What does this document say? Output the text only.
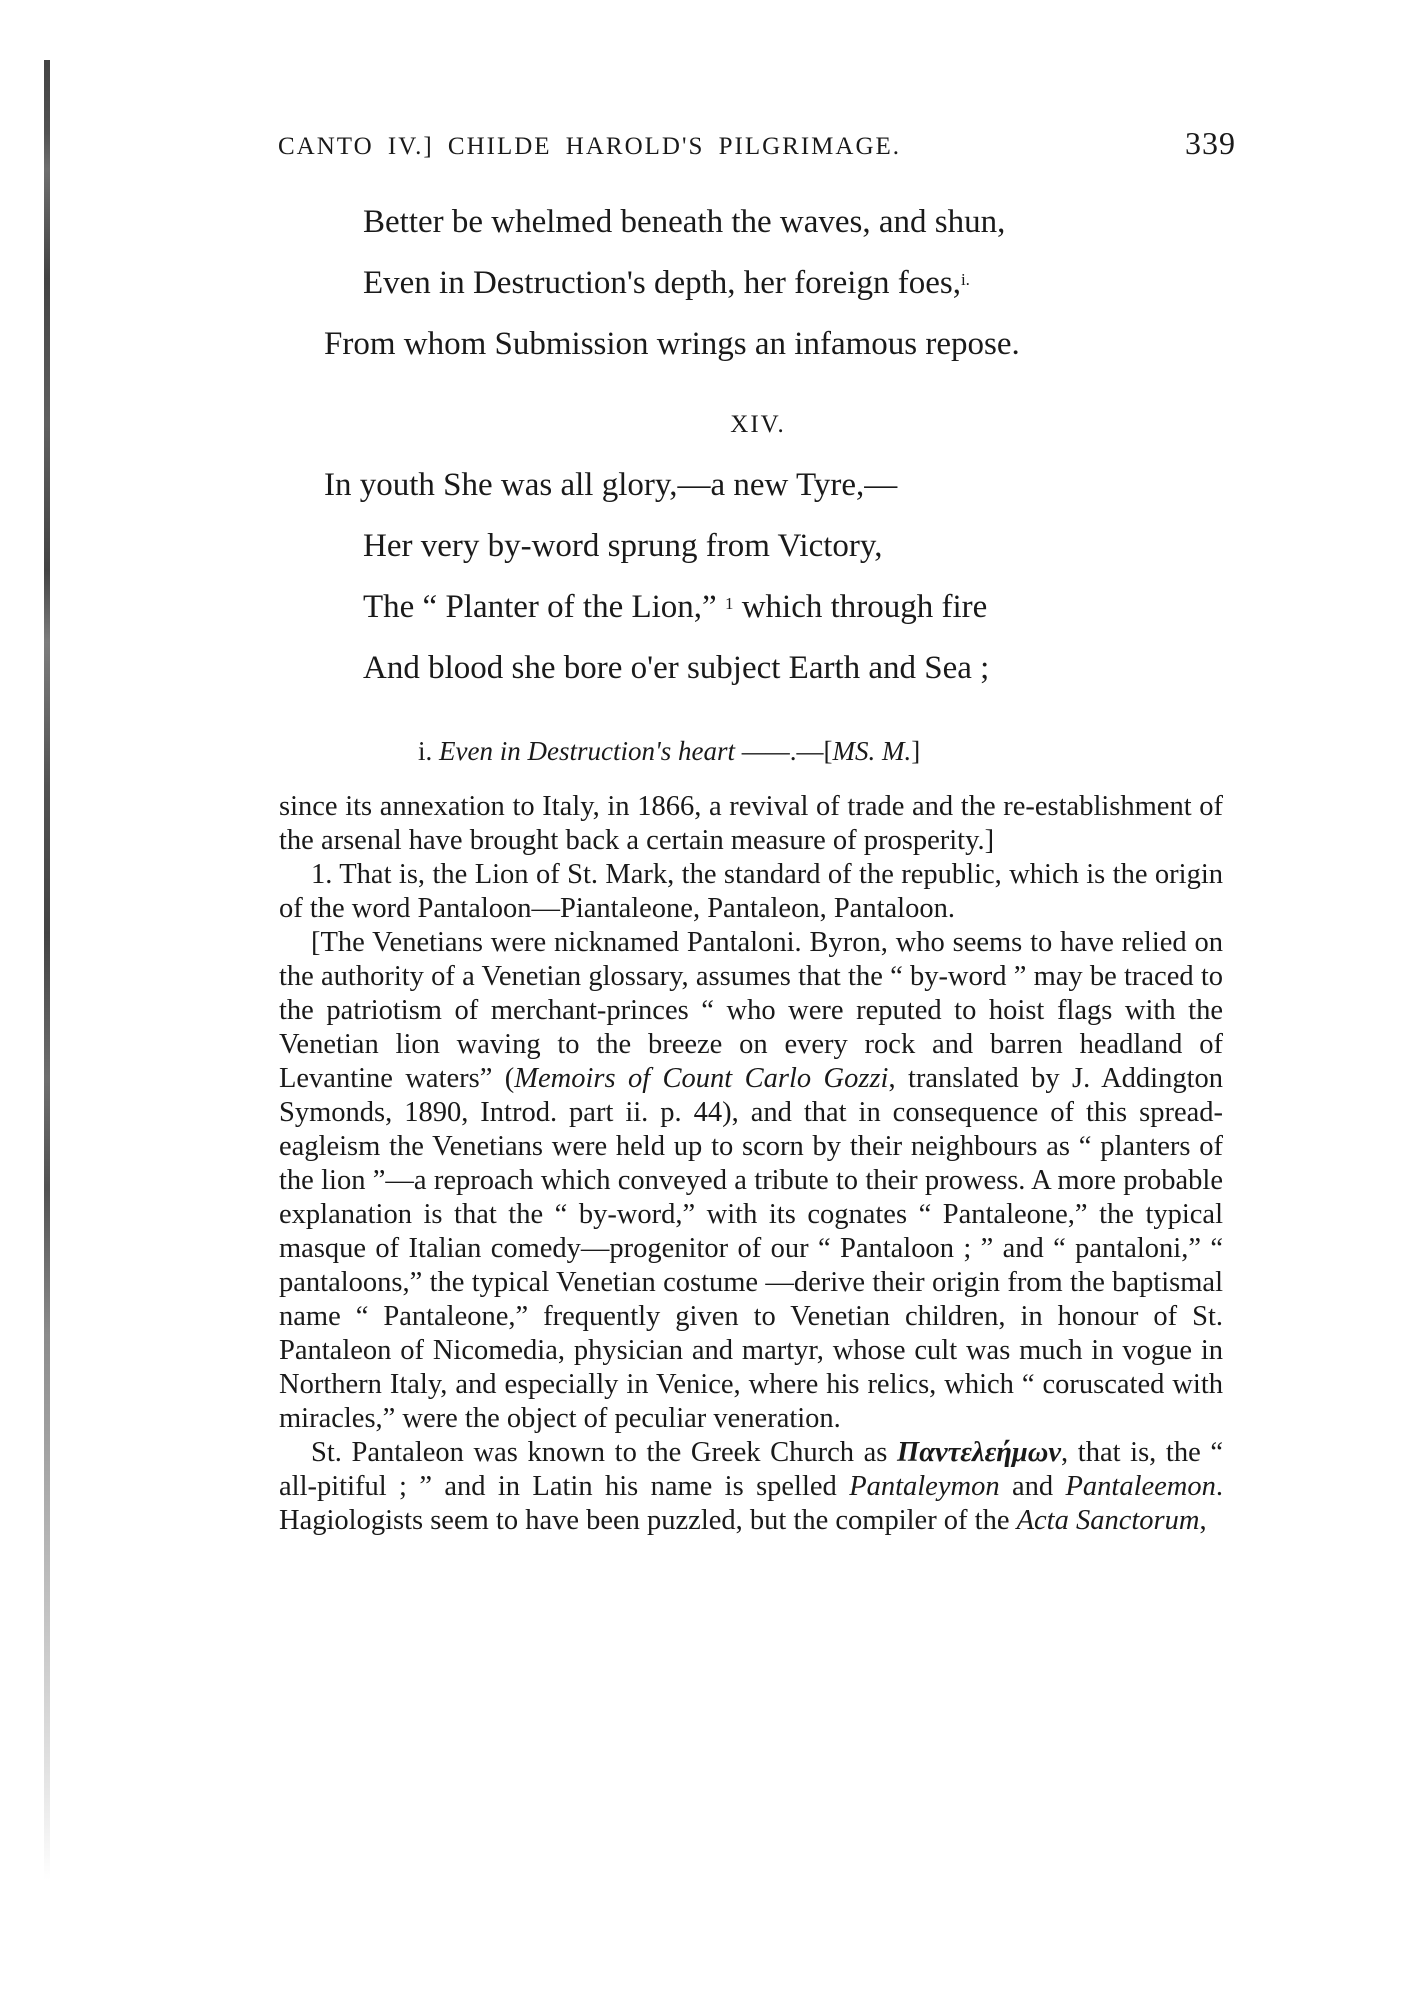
CANTO IV.] CHILDE HAROLD'S PILGRIMAGE.	339
Better be whelmed beneath the waves, and shun,
Even in Destruction's depth, her foreign foes,$^{i.}$
From whom Submission wrings an infamous repose.
XIV.
In youth She was all glory,—a new Tyre,—
Her very by-word sprung from Victory,
The “ Planter of the Lion,” $^1$ which through fire
And blood she bore o'er subject Earth and Sea ;
i. Even in Destruction's heart ——.—[MS. M.]

since its annexation to Italy, in 1866, a revival of trade and the re-establishment of the arsenal have brought back a certain measure of prosperity.]

1. That is, the Lion of St. Mark, the standard of the republic, which is the origin of the word Pantaloon—Piantaleone, Pantaleon, Pantaloon.

[The Venetians were nicknamed Pantaloni. Byron, who seems to have relied on the authority of a Venetian glossary, assumes that the “ by-word ” may be traced to the patriotism of merchant-princes “ who were reputed to hoist flags with the Venetian lion waving to the breeze on every rock and barren headland of Levantine waters” (Memoirs of Count Carlo Gozzi, translated by J. Addington Symonds, 1890, Introd. part ii. p. 44), and that in consequence of this spread-eagleism the Venetians were held up to scorn by their neighbours as “ planters of the lion ”—a reproach which conveyed a tribute to their prowess. A more probable explanation is that the “ by-word,” with its cognates “ Pantaleone,” the typical masque of Italian comedy—progenitor of our “ Pantaloon ; ” and “ pantaloni,” “ pantaloons,” the typical Venetian costume —derive their origin from the baptismal name “ Pantaleone,” frequently given to Venetian children, in honour of St. Pantaleon of Nicomedia, physician and martyr, whose cult was much in vogue in Northern Italy, and especially in Venice, where his relics, which “ coruscated with miracles,” were the object of peculiar veneration.

St. Pantaleon was known to the Greek Church as Παντελεήμων, that is, the “ all-pitiful ; ” and in Latin his name is spelled Pantaleymon and Pantaleemon. Hagiologists seem to have been puzzled, but the compiler of the Acta Sanctorum,
